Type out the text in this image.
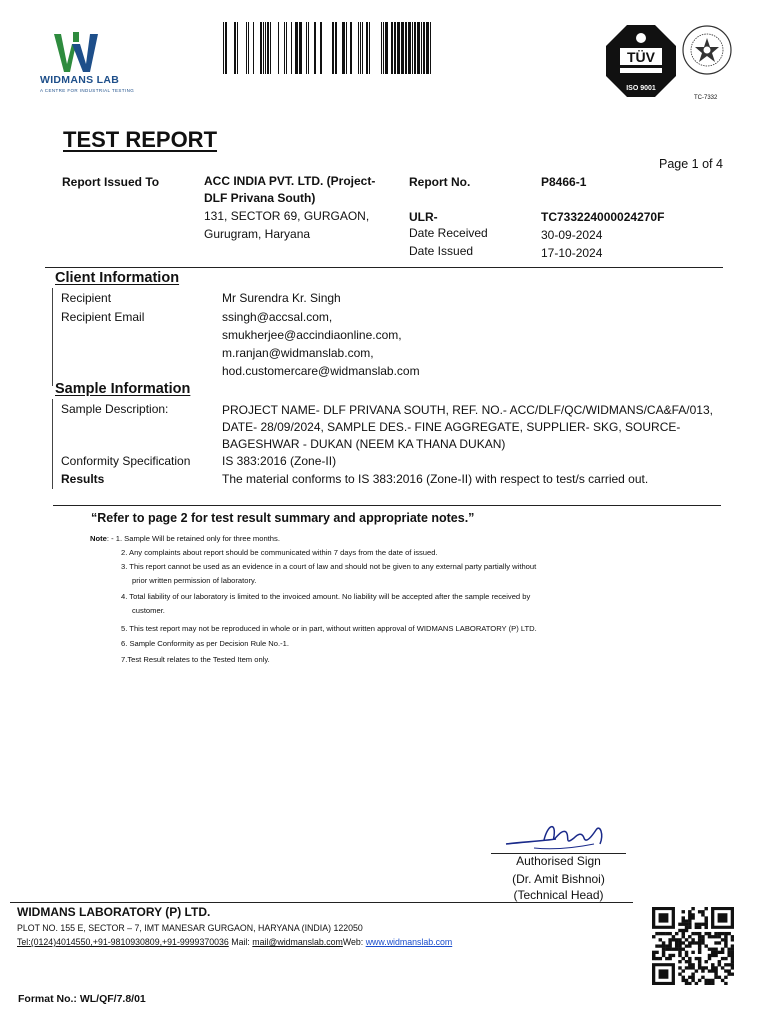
WIDMANS LAB
A CENTRE FOR INDUSTRIAL TESTING
TÜV
ISO 9001
TC-7332
TEST REPORT
Page 1 of 4
Report Issued To	ACC INDIA PVT. LTD. (Project-
DLF Privana South)
131, SECTOR 69, GURGAON,
Gurugram, Haryana
Report No.	P8466-1
ULR-	TC733224000024270F
Date Received	30-09-2024
Date Issued	17-10-2024
Client Information
Recipient	Mr Surendra Kr. Singh
Recipient Email	ssingh@accsal.com,
smukherjee@accindiaonline.com,
m.ranjan@widmanslab.com,
hod.customercare@widmanslab.com
Sample Information
Sample Description:	PROJECT NAME- DLF PRIVANA SOUTH, REF. NO.- ACC/DLF/QC/WIDMANS/CA&FA/013,
DATE- 28/09/2024, SAMPLE DES.- FINE AGGREGATE, SUPPLIER- SKG, SOURCE-
BAGESHWAR - DUKAN (NEEM KA THANA DUKAN)
Conformity Specification	IS 383:2016 (Zone-II)
Results	The material conforms to IS 383:2016 (Zone-II) with respect to test/s carried out.
“Refer to page 2 for test result summary and appropriate notes.”
Note: - 1. Sample Will be retained only for three months.
2. Any complaints about report should be communicated within 7 days from the date of issued.
3. This report cannot be used as an evidence in a court of law and should not be given to any external party partially without
prior written permission of laboratory.
4. Total liability of our laboratory is limited to the invoiced amount. No liability will be accepted after the sample received by
customer.
5. This test report may not be reproduced in whole or in part, without written approval of WIDMANS LABORATORY (P) LTD.
6. Sample Conformity as per Decision Rule No.-1.
7.Test Result relates to the Tested Item only.
Authorised Sign
(Dr. Amit Bishnoi)
(Technical Head)
WIDMANS LABORATORY (P) LTD.
PLOT NO. 155 E, SECTOR – 7, IMT MANESAR GURGAON, HARYANA (INDIA) 122050
Tel:(0124)4014550,+91-9810930809,+91-9999370036 Mail: mail@widmanslab.comWeb: www.widmanslab.com
Format No.: WL/QF/7.8/01
